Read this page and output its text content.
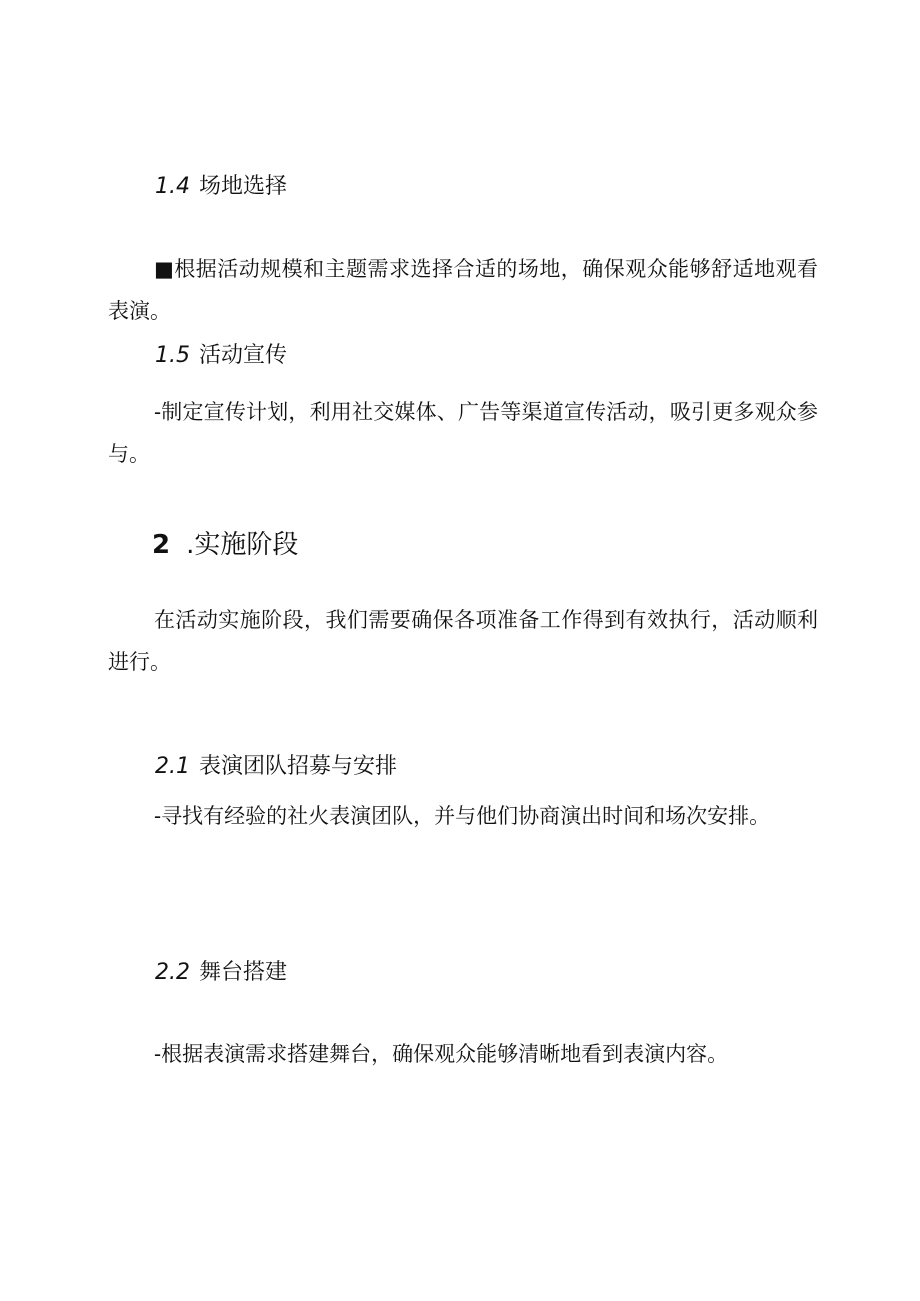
1.4 场地选择

■根据活动规模和主题需求选择合适的场地，确保观众能够舒适地观看表演。

1.5 活动宣传

-制定宣传计划，利用社交媒体、广告等渠道宣传活动，吸引更多观众参与。

2 .实施阶段

在活动实施阶段，我们需要确保各项准备工作得到有效执行，活动顺利进行。

2.1 表演团队招募与安排

-寻找有经验的社火表演团队，并与他们协商演出时间和场次安排。

2.2 舞台搭建

-根据表演需求搭建舞台，确保观众能够清晰地看到表演内容。
